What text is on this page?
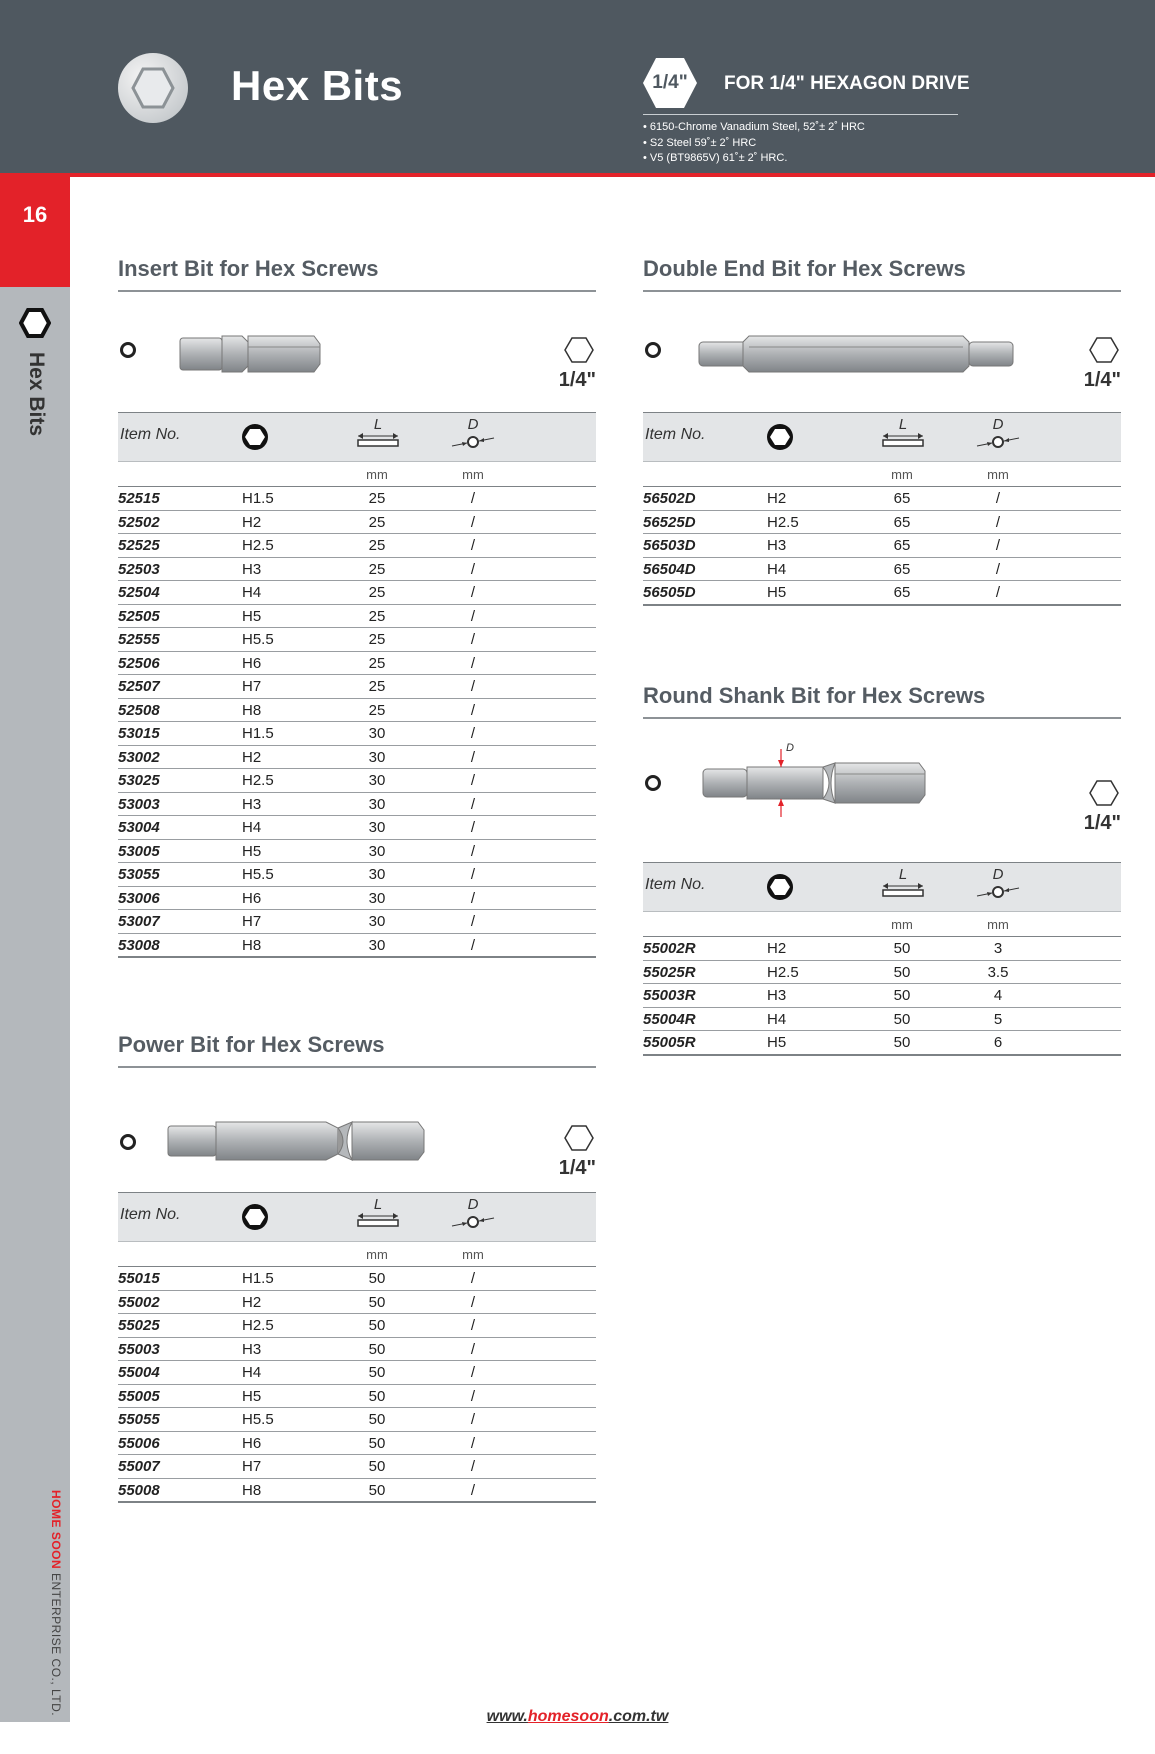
Hex Bits	1/4"	FOR 1/4" HEXAGON DRIVE
• 6150-Chrome Vanadium Steel, 52˚± 2˚ HRC
• S2 Steel 59˚± 2˚ HRC
• V5 (BT9865V) 61˚± 2˚ HRC.
16
Hex Bits
HOME SOON ENTERPRISE CO., LTD.
Insert Bit for Hex Screws
1/4"
Item No.
L	D
mm	mm
52515	H1.5	25	/
52502	H2	25	/
52525	H2.5	25	/
52503	H3	25	/
52504	H4	25	/
52505	H5	25	/
52555	H5.5	25	/
52506	H6	25	/
52507	H7	25	/
52508	H8	25	/
53015	H1.5	30	/
53002	H2	30	/
53025	H2.5	30	/
53003	H3	30	/
53004	H4	30	/
53005	H5	30	/
53055	H5.5	30	/
53006	H6	30	/
53007	H7	30	/
53008	H8	30	/
Power Bit for Hex Screws
1/4"
Item No.
L	D
mm	mm
55015	H1.5	50	/
55002	H2	50	/
55025	H2.5	50	/
55003	H3	50	/
55004	H4	50	/
55005	H5	50	/
55055	H5.5	50	/
55006	H6	50	/
55007	H7	50	/
55008	H8	50	/
Double End Bit for Hex Screws
1/4"
Item No.
L	D
mm	mm
56502D	H2	65	/
56525D	H2.5	65	/
56503D	H3	65	/
56504D	H4	65	/
56505D	H5	65	/
Round Shank Bit for Hex Screws
D
1/4"
Item No.
L	D
mm	mm
55002R	H2	50	3
55025R	H2.5	50	3.5
55003R	H3	50	4
55004R	H4	50	5
55005R	H5	50	6
www.homesoon.com.tw
